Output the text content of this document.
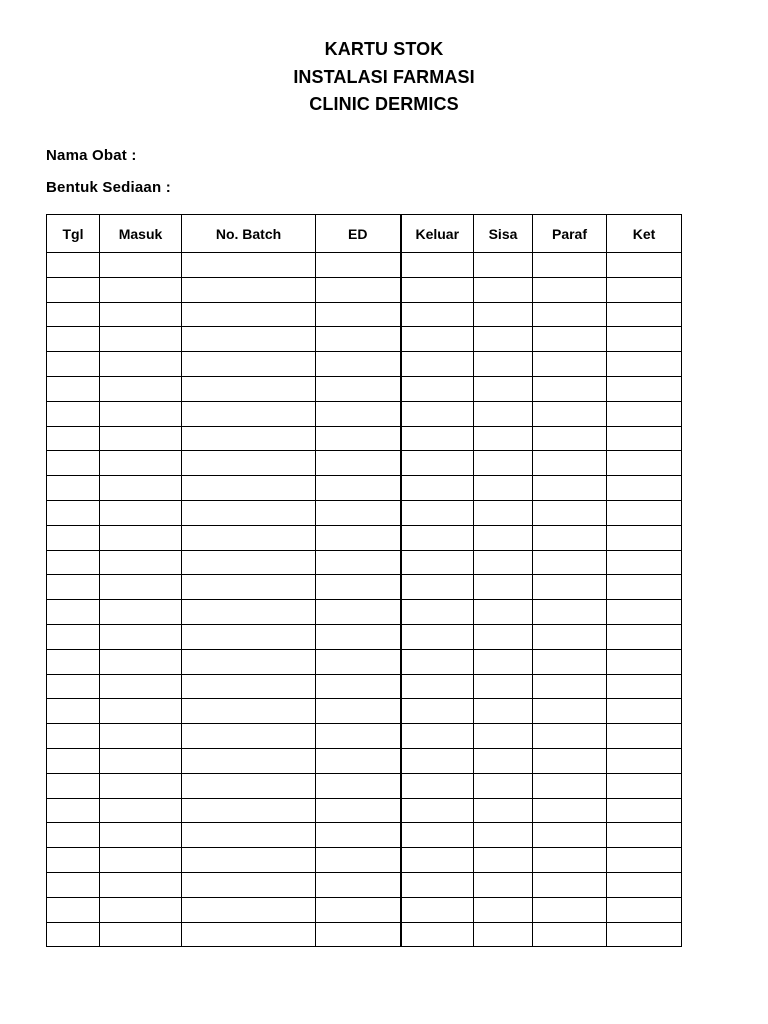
KARTU STOK
INSTALASI FARMASI
CLINIC DERMICS
Nama Obat :
Bentuk Sediaan :
Tgl	Masuk	No. Batch	ED	Keluar	Sisa	Paraf	Ket
